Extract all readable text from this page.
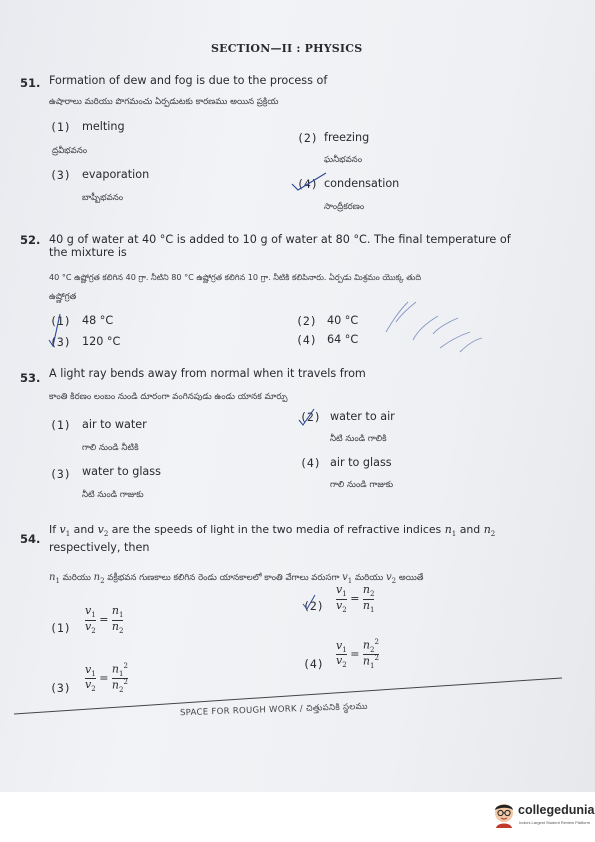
SECTION—II : PHYSICS
51. Formation of dew and fog is due to the process of
ఉషారాలు మరియు పొగమంచు ఏర్పడుటకు కారణము అయిన ప్రక్రియ
(1) melting
ద్రవీభవనం
(2) freezing
ఘనీభవనం
(3) evaporation
బాష్పీభవనం
(4) condensation
సాంద్రీకరణం
52. 40 g of water at 40 °C is added to 10 g of water at 80 °C. The final temperature of
the mixture is
40 °C ఉష్ణోగ్రత కలిగిన 40 గ్రా. నీటిని 80 °C ఉష్ణోగ్రత కలిగిన 10 గ్రా. నీటికి కలిపినారు. ఏర్పడు మిశ్రమం యొక్క తుది
ఉష్ణోగ్రత
(1) 48 °C	(2) 40 °C
(3) 120 °C	(4) 64 °C
53. A light ray bends away from normal when it travels from
కాంతి కిరణం లంబం నుండి దూరంగా వంగినపుడు ఉండు యానక మార్పు
(1) air to water
గాలి నుండి నీటికి
(2) water to air
నీటి నుండి గాలికి
(3) water to glass
నీటి నుండి గాజుకు
(4) air to glass
గాలి నుండి గాజుకు
54.
If $v_1$ and $v_2$ are the speeds of light in the two media of refractive indices $n_1$ and $n_2$
respectively, then
$n_1$ మరియు $n_2$ వక్రీభవన గుణకాలు కలిగిన రెండు యానకాలలో కాంతి వేగాలు వరుసగా $v_1$ మరియు $v_2$ అయితే
$(1) \frac{v_1}{v_2} = \frac{n_1}{n_2}$	$(2) \frac{v_1}{v_2} = \frac{n_2}{n_1}$
$(3) \frac{v_1}{v_2} = \frac{n_1^2}{n_2^2}$	$(4) \frac{v_1}{v_2} = \frac{n_2^2}{n_1^2}$
SPACE FOR ROUGH WORK / చిత్తుపనికి స్థలము
collegedunia
India's Largest Student Review Platform
